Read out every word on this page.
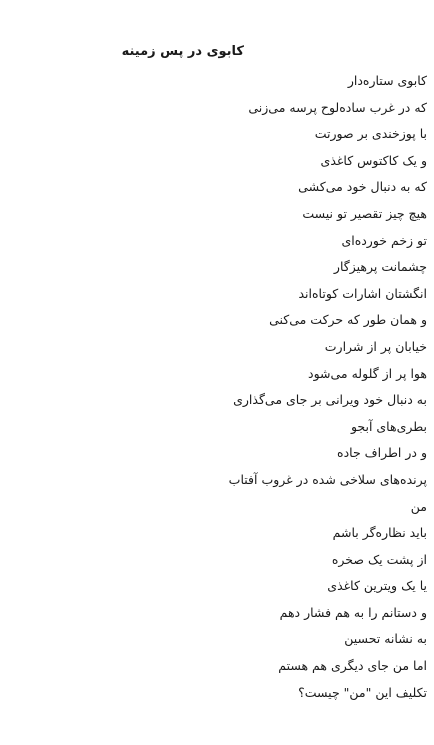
کابوی در پس زمینه
کابوی ستاره‌دار
که در غرب ساده‌لوح پرسه می‌زنی
با پوزخندی بر صورتت
و یک کاکتوس کاغذی
که به دنبال خود می‌کشی
هیچ چیز تقصیر تو نیست
تو زخم خورده‌ای
چشمانت پرهیزگار
انگشتان اشارات کوتاه‌اند
و همان طور که حرکت می‌کنی
خیابان پر از شرارت
هوا پر از گلوله می‌شود
به دنبال خود ویرانی بر جای می‌گذاری
بطری‌های آبجو
و در اطراف جاده
پرنده‌های سلاخی شده در غروب آفتاب
من
باید نظاره‌گر باشم
از پشت یک صخره
یا یک ویترین کاغذی
و دستانم را به هم فشار دهم
به نشانه تحسین
اما من جای دیگری هم هستم
تکلیف این "من" چیست؟
